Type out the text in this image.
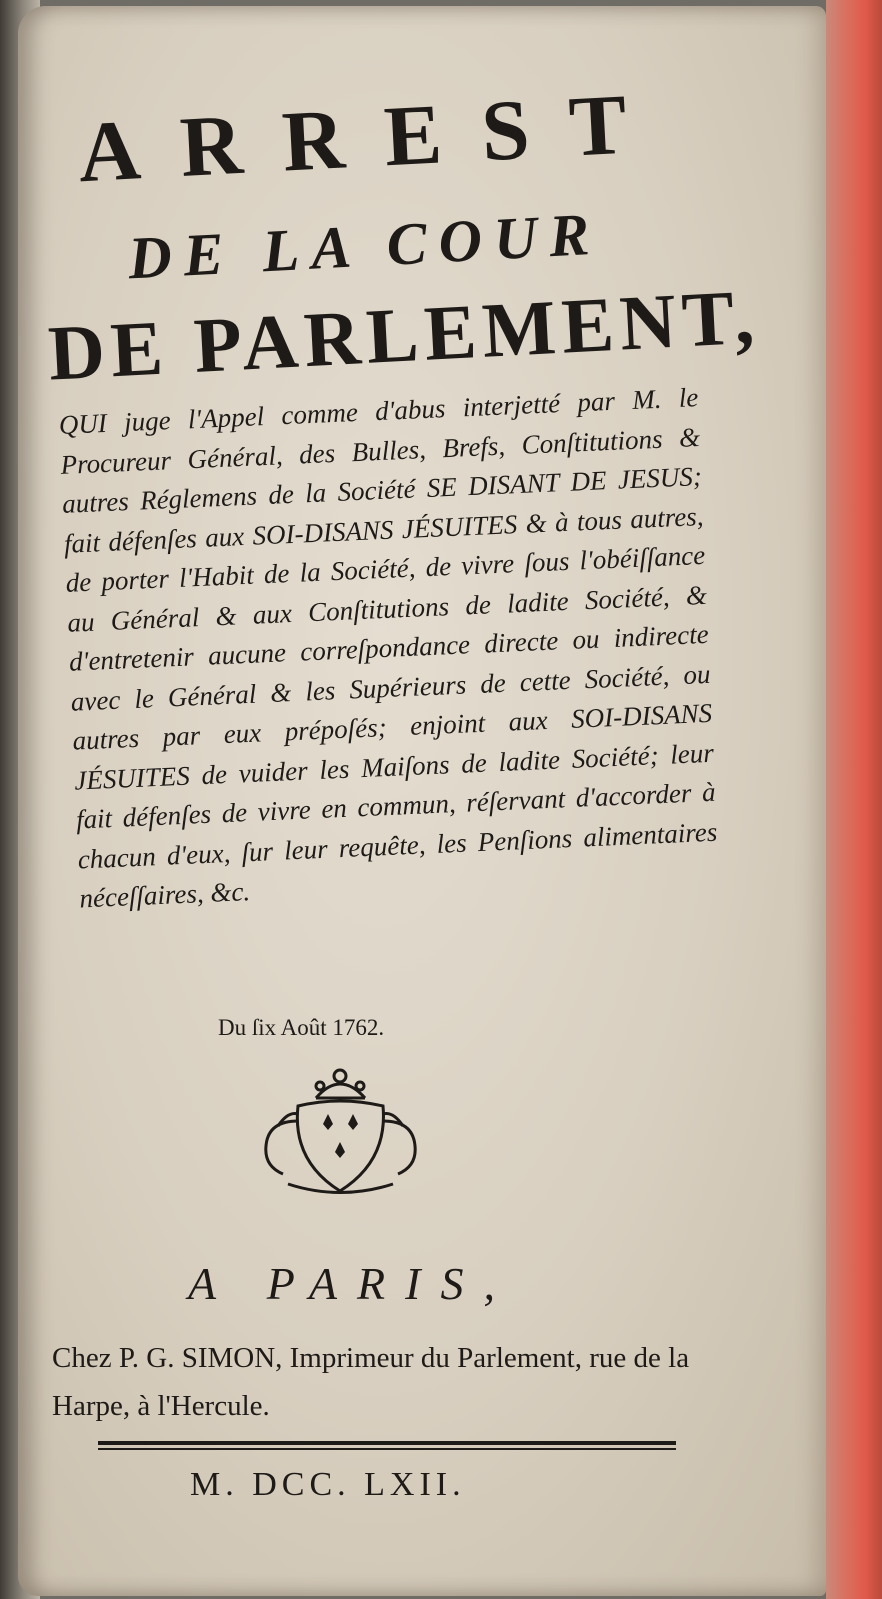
ARREST
DE LA COUR
DE PARLEMENT,

QUI juge l'Appel comme d'abus interjetté par M. le Procureur Général, des Bulles, Brefs, Conſtitutions & autres Réglemens de la Société SE DISANT DE JESUS; fait défenſes aux SOI-DISANS JÉSUITES & à tous autres, de porter l'Habit de la Société, de vivre ſous l'obéiſſance au Général & aux Conſtitutions de ladite Société, & d'entretenir aucune correſpondance directe ou indirecte avec le Général & les Supérieurs de cette Société, ou autres par eux prépoſés; enjoint aux SOI-DISANS JÉSUITES de vuider les Maiſons de ladite Société; leur fait défenſes de vivre en commun, réſervant d'accorder à chacun d'eux, ſur leur requête, les Penſions alimentaires néceſſaires, &c.

Du ſix Août 1762.

A PARIS,

Chez P. G. SIMON, Imprimeur du Parlement, rue de la Harpe, à l'Hercule.

M. DCC. LXII.
